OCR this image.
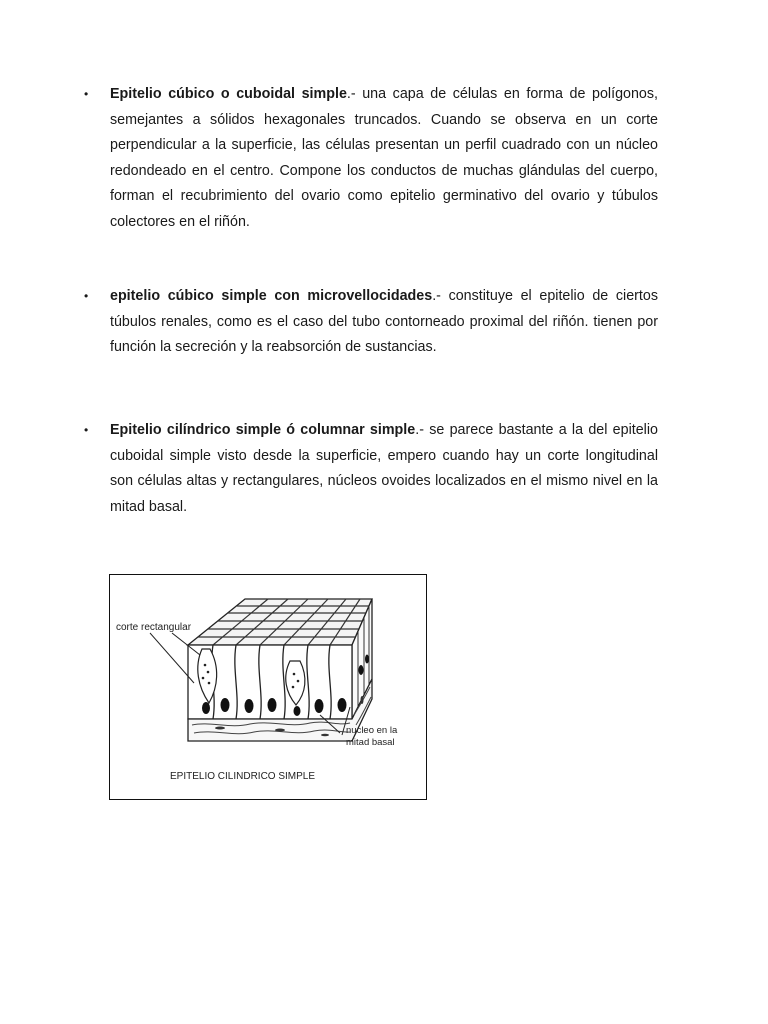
• Epitelio cúbico o cuboidal simple.- una capa de células en forma de polígonos, semejantes a sólidos hexagonales truncados. Cuando se observa en un corte perpendicular a la superficie, las células presentan un perfil cuadrado con un núcleo redondeado en el centro. Compone los conductos de muchas glándulas del cuerpo, forman el recubrimiento del ovario como epitelio germinativo del ovario y túbulos colectores en el riñón.
• epitelio cúbico simple con microvellocidades.- constituye el epitelio de ciertos túbulos renales, como es el caso del tubo contorneado proximal del riñón. tienen por función la secreción y la reabsorción de sustancias.
• Epitelio cilíndrico simple ó columnar simple.- se parece bastante a la del epitelio cuboidal simple visto desde la superficie, empero cuando hay un corte longitudinal son células altas y rectangulares, núcleos ovoides localizados en el mismo nivel en la mitad basal.
corte rectangular
nucleo en la
mitad basal
EPITELIO CILINDRICO SIMPLE
